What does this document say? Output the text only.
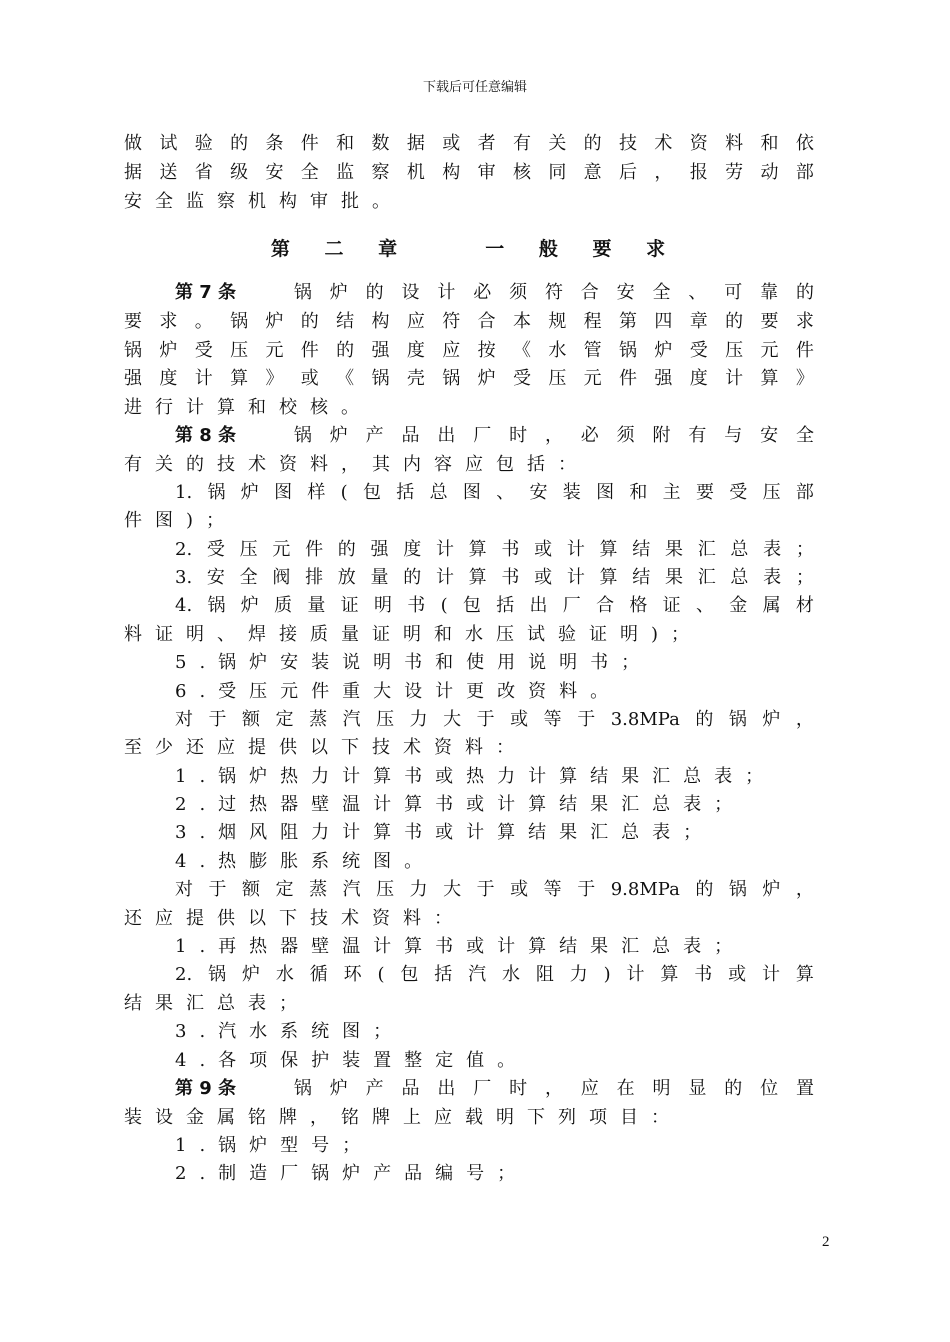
下载后可任意编辑
做 试 验 的 条 件 和 数 据 或 者 有 关 的 技 术 资 料 和 依
据 送 省 级 安 全 监 察 机 构 审 核 同 意 后 ， 报 劳 动 部
安全监察机构审批。
第 7 条	锅 炉 的 设 计 必 须 符 合 安 全 、 可 靠 的
要 求 。 锅 炉 的 结 构 应 符 合 本 规 程 第 四 章 的 要 求
锅 炉 受 压 元 件 的 强 度 应 按 《 水 管 锅 炉 受 压 元 件
强 度 计 算 》 或 《 锅 壳 锅 炉 受 压 元 件 强 度 计 算 》
进行计算和校核。
第 8 条	锅 炉 产 品 出 厂 时 ， 必 须 附 有 与 安 全
有关的技术资料，其内容应包括：
1. 锅 炉 图 样 ( 包 括 总 图 、 安 装 图 和 主 要 受 压 部
件图)；
2. 受 压 元 件 的 强 度 计 算 书 或 计 算 结 果 汇 总 表 ；
3. 安 全 阀 排 放 量 的 计 算 书 或 计 算 结 果 汇 总 表 ；
4. 锅 炉 质 量 证 明 书 ( 包 括 出 厂 合 格 证 、 金 属 材
料证明、焊接质量证明和水压试验证明)；
5.锅炉安装说明书和使用说明书；
6.受压元件重大设计更改资料。
对 于 额 定 蒸 汽 压 力 大 于 或 等 于 3.8MPa 的 锅 炉 ，
至少还应提供以下技术资料：
1.锅炉热力计算书或热力计算结果汇总表；
2.过热器壁温计算书或计算结果汇总表；
3.烟风阻力计算书或计算结果汇总表；
4.热膨胀系统图。
对 于 额 定 蒸 汽 压 力 大 于 或 等 于 9.8MPa 的 锅 炉 ，
还应提供以下技术资料：
1.再热器壁温计算书或计算结果汇总表；
2. 锅 炉 水 循 环 ( 包 括 汽 水 阻 力 ) 计 算 书 或 计 算
结果汇总表；
3.汽水系统图；
4.各项保护装置整定值。
第 9 条	锅 炉 产 品 出 厂 时 ， 应 在 明 显 的 位 置
装设金属铭牌，铭牌上应载明下列项目：
1.锅炉型号；
2.制造厂锅炉产品编号；
第 二 章 　 一 般 要 求
2
